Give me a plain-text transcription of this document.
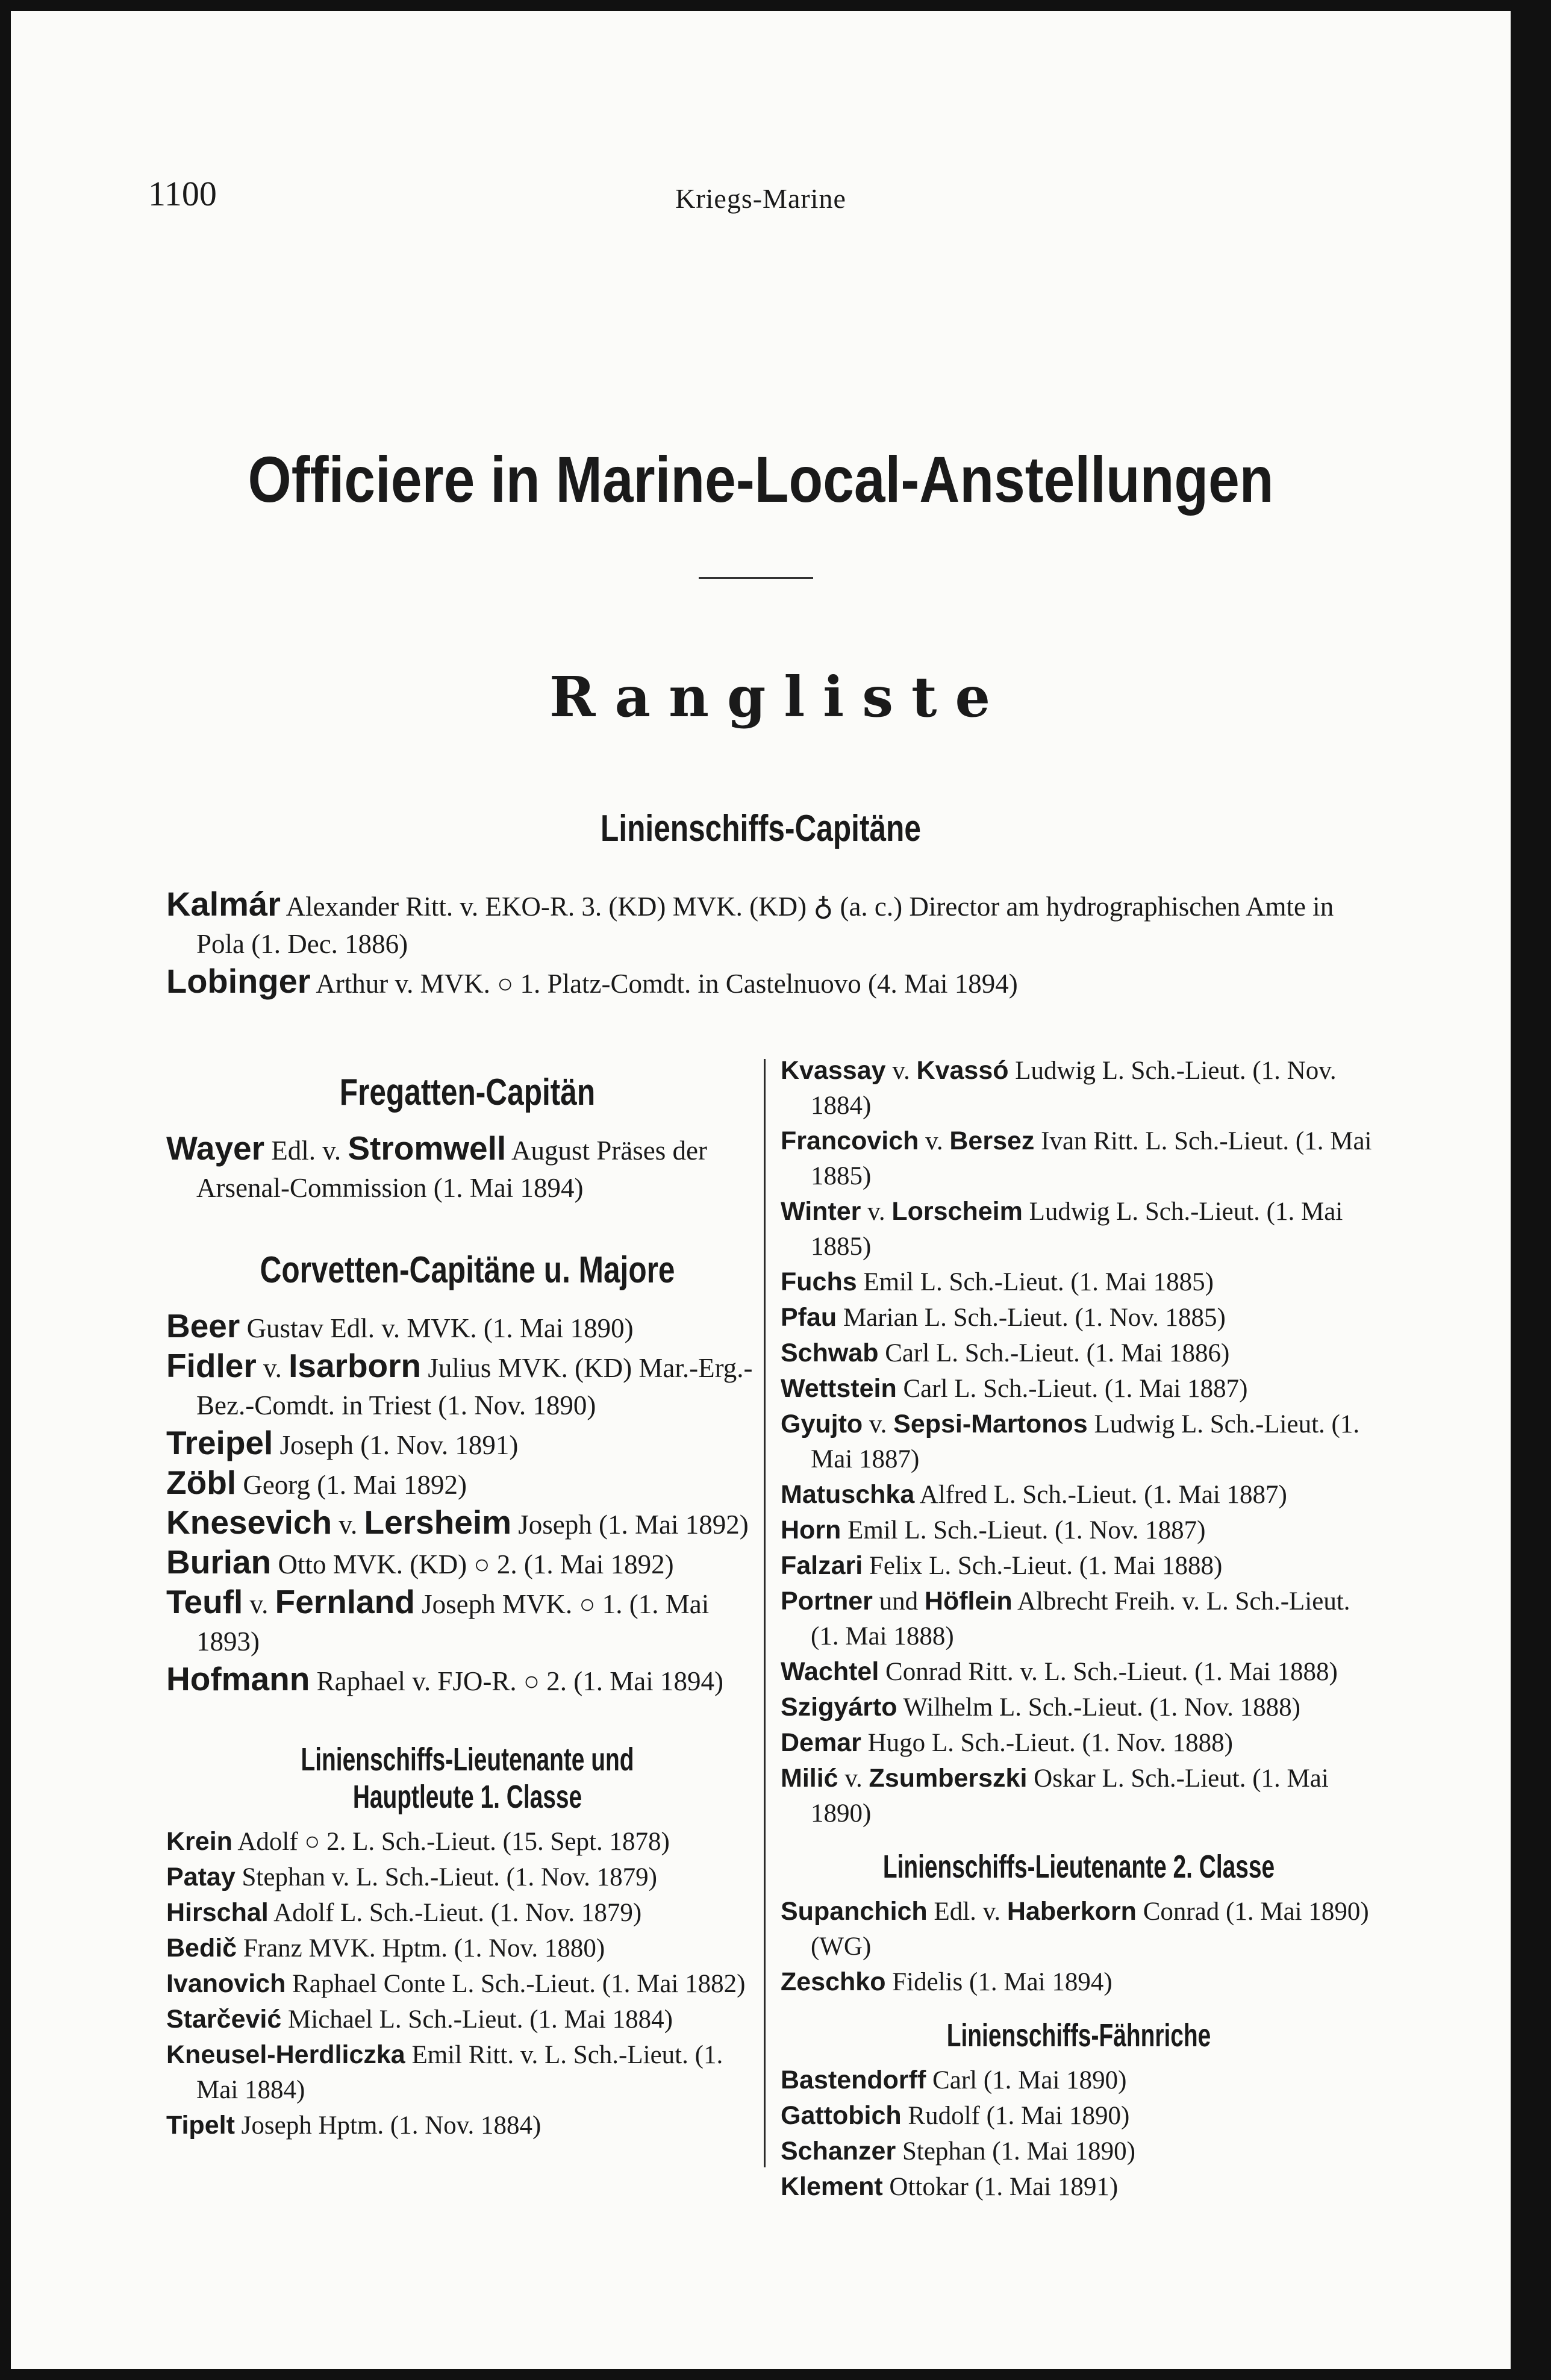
1100	Kriegs-Marine
Officiere in Marine-Local-Anstellungen
Rangliste
Linienschiffs-Capitäne
Kalmár Alexander Ritt. v. EKO-R. 3. (KD) MVK. (KD) ♁ (a. c.) Director am hydrographischen Amte in Pola (1. Dec. 1886)
Lobinger Arthur v. MVK. ○ 1. Platz-Comdt. in Castelnuovo (4. Mai 1894)
Fregatten-Capitän
Wayer Edl. v. Stromwell August Präses der Arsenal-Commission (1. Mai 1894)
Corvetten-Capitäne u. Majore
Beer Gustav Edl. v. MVK. (1. Mai 1890)
Fidler v. Isarborn Julius MVK. (KD) Mar.-Erg.-Bez.-Comdt. in Triest (1. Nov. 1890)
Treipel Joseph (1. Nov. 1891)
Zöbl Georg (1. Mai 1892)
Knesevich v. Lersheim Joseph (1. Mai 1892)
Burian Otto MVK. (KD) ○ 2. (1. Mai 1892)
Teufl v. Fernland Joseph MVK. ○ 1. (1. Mai 1893)
Hofmann Raphael v. FJO-R. ○ 2. (1. Mai 1894)
Linienschiffs-Lieutenante und Hauptleute 1. Classe
Krein Adolf ○ 2. L. Sch.-Lieut. (15. Sept. 1878)
Patay Stephan v. L. Sch.-Lieut. (1. Nov. 1879)
Hirschal Adolf L. Sch.-Lieut. (1. Nov. 1879)
Bedič Franz MVK. Hptm. (1. Nov. 1880)
Ivanovich Raphael Conte L. Sch.-Lieut. (1. Mai 1882)
Starčević Michael L. Sch.-Lieut. (1. Mai 1884)
Kneusel-Herdliczka Emil Ritt. v. L. Sch.-Lieut. (1. Mai 1884)
Tipelt Joseph Hptm. (1. Nov. 1884)
Kvassay v. Kvassó Ludwig L. Sch.-Lieut. (1. Nov. 1884)
Francovich v. Bersez Ivan Ritt. L. Sch.-Lieut. (1. Mai 1885)
Winter v. Lorscheim Ludwig L. Sch.-Lieut. (1. Mai 1885)
Fuchs Emil L. Sch.-Lieut. (1. Mai 1885)
Pfau Marian L. Sch.-Lieut. (1. Nov. 1885)
Schwab Carl L. Sch.-Lieut. (1. Mai 1886)
Wettstein Carl L. Sch.-Lieut. (1. Mai 1887)
Gyujto v. Sepsi-Martonos Ludwig L. Sch.-Lieut. (1. Mai 1887)
Matuschka Alfred L. Sch.-Lieut. (1. Mai 1887)
Horn Emil L. Sch.-Lieut. (1. Nov. 1887)
Falzari Felix L. Sch.-Lieut. (1. Mai 1888)
Portner und Höflein Albrecht Freih. v. L. Sch.-Lieut. (1. Mai 1888)
Wachtel Conrad Ritt. v. L. Sch.-Lieut. (1. Mai 1888)
Szigyárto Wilhelm L. Sch.-Lieut. (1. Nov. 1888)
Demar Hugo L. Sch.-Lieut. (1. Nov. 1888)
Milić v. Zsumberszki Oskar L. Sch.-Lieut. (1. Mai 1890)
Linienschiffs-Lieutenante 2. Classe
Supanchich Edl. v. Haberkorn Conrad (1. Mai 1890) (WG)
Zeschko Fidelis (1. Mai 1894)
Linienschiffs-Fähnriche
Bastendorff Carl (1. Mai 1890)
Gattobich Rudolf (1. Mai 1890)
Schanzer Stephan (1. Mai 1890)
Klement Ottokar (1. Mai 1891)
